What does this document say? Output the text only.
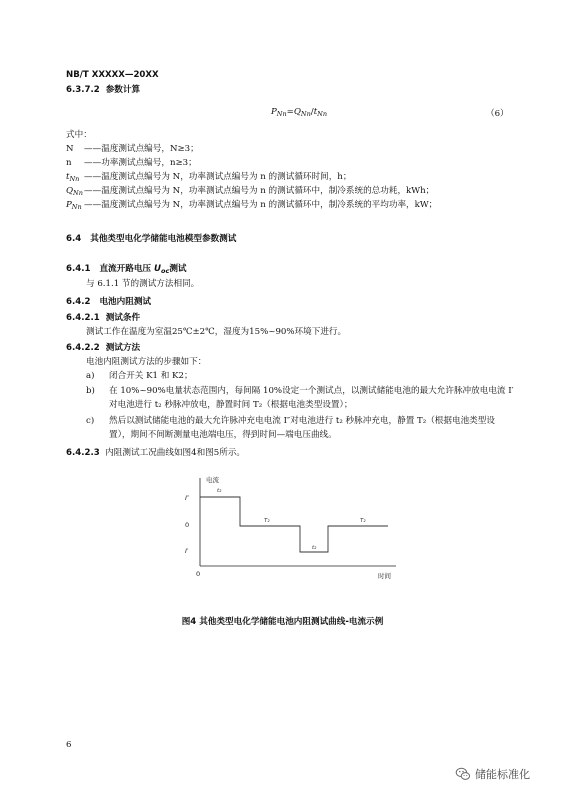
NB/T XXXXX—20XX
6.3.7.2 参数计算
$P_{Nn}=Q_{Nn}/t_{Nn}$	（6）
式中：
N ——温度测试点编号，N≥3；
n ——功率测试点编号，n≥3；
$t_{Nn}$ ——温度测试点编号为 N，功率测试点编号为 n 的测试循环时间，h；
$Q_{Nn}——$温度测试点编号为 N，功率测试点编号为 n 的测试循环中，制冷系统的总功耗，kWh；
$P_{Nn}$ ——温度测试点编号为 N，功率测试点编号为 n 的测试循环中，制冷系统的平均功率，kW；
6.4 其他类型电化学储能电池模型参数测试
6.4.1 直流开路电压 $U_{oc}$测试
与 6.1.1 节的测试方法相同。
6.4.2 电池内阻测试
6.4.2.1 测试条件
测试工作在温度为室温25℃±2℃，湿度为15%~90%环境下进行。
6.4.2.2 测试方法
电池内阻测试方法的步骤如下：
a) 闭合开关 K1 和 K2；
b) 在 10%~90%电量状态范围内，每间隔 10%设定一个测试点，以测试储能电池的最大允许脉冲放电电流 I′对电池进行 t₂ 秒脉冲放电，静置时间 T₂（根据电池类型设置）；
c) 然后以测试储能电池的最大允许脉冲充电电流 I″对电池进行 t₂ 秒脉冲充电，静置 T₂（根据电池类型设置），期间不间断测量电池端电压，得到时间—端电压曲线。
6.4.2.3 内阻测试工况曲线如图4和图5所示。
电流
时间
I″
0
I′
0
t₂
T₂
t₂
T₂
图4 其他类型电化学储能电池内阻测试曲线-电流示例
6
储能标准化
